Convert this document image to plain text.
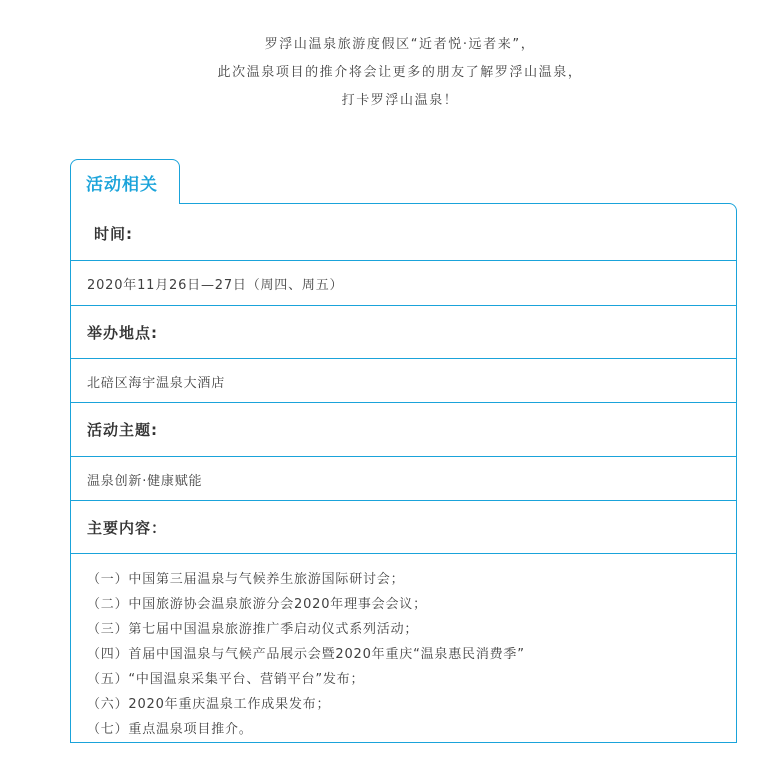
罗浮山温泉旅游度假区“近者悦·远者来”，
此次温泉项目的推介将会让更多的朋友了解罗浮山温泉，
打卡罗浮山温泉！
活动相关
时间:
2020年11月26日—27日（周四、周五）
举办地点:
北碚区海宇温泉大酒店
活动主题:
温泉创新·健康赋能
主要内容：
（一）中国第三届温泉与气候养生旅游国际研讨会；
（二）中国旅游协会温泉旅游分会2020年理事会会议；
（三）第七届中国温泉旅游推广季启动仪式系列活动；
（四）首届中国温泉与气候产品展示会暨2020年重庆“温泉惠民消费季”
（五）“中国温泉采集平台、营销平台”发布；
（六）2020年重庆温泉工作成果发布；
（七）重点温泉项目推介。
